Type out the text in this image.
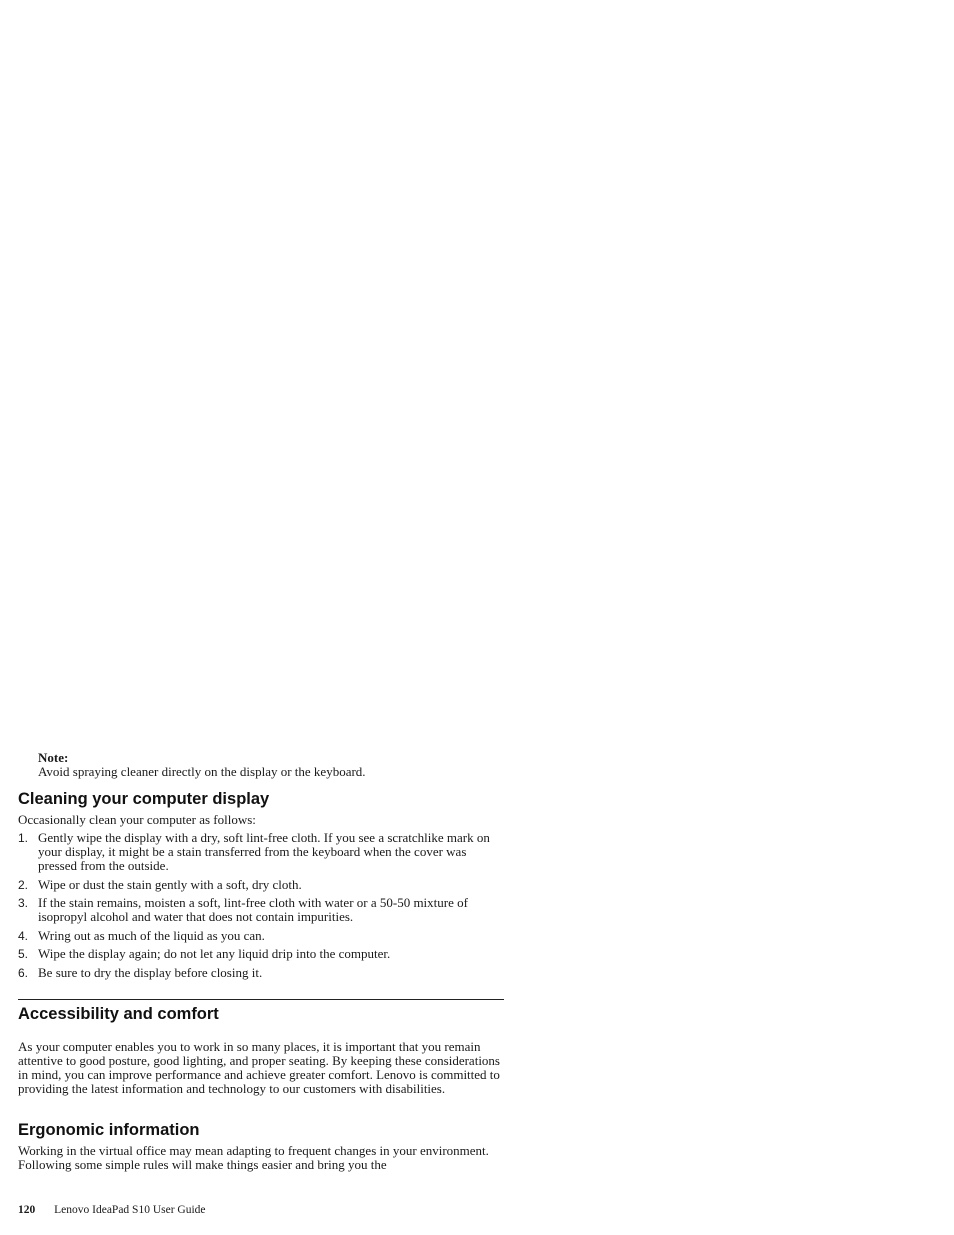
Note:
Avoid spraying cleaner directly on the display or the keyboard.
Cleaning your computer display
Occasionally clean your computer as follows:
1. Gently wipe the display with a dry, soft lint-free cloth. If you see a scratchlike mark on your display, it might be a stain transferred from the keyboard when the cover was pressed from the outside.
2. Wipe or dust the stain gently with a soft, dry cloth.
3. If the stain remains, moisten a soft, lint-free cloth with water or a 50-50 mixture of isopropyl alcohol and water that does not contain impurities.
4. Wring out as much of the liquid as you can.
5. Wipe the display again; do not let any liquid drip into the computer.
6. Be sure to dry the display before closing it.
Accessibility and comfort

As your computer enables you to work in so many places, it is important that you remain attentive to good posture, good lighting, and proper seating. By keeping these considerations in mind, you can improve performance and achieve greater comfort. Lenovo is committed to providing the latest information and technology to our customers with disabilities.

Ergonomic information

Working in the virtual office may mean adapting to frequent changes in your environment. Following some simple rules will make things easier and bring you the

120 Lenovo IdeaPad S10 User Guide
